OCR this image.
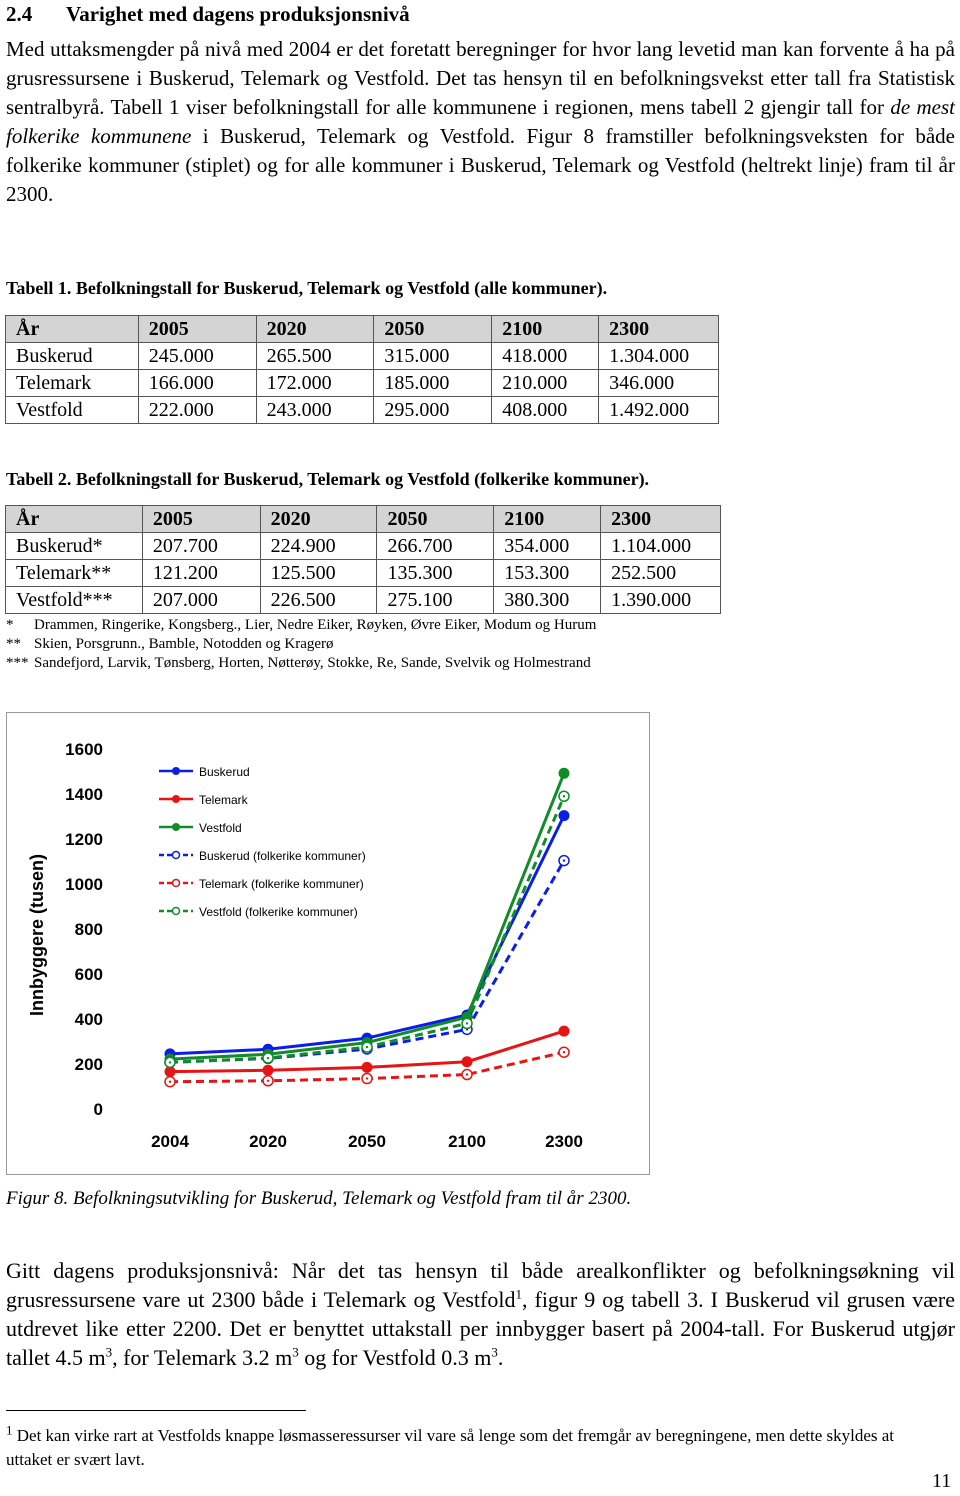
2.4 Varighet med dagens produksjonsnivå
Med uttaksmengder på nivå med 2004 er det foretatt beregninger for hvor lang levetid man kan forvente å ha på grusressursene i Buskerud, Telemark og Vestfold. Det tas hensyn til en befolkningsvekst etter tall fra Statistisk sentralbyrå. Tabell 1 viser befolkningstall for alle kommunene i regionen, mens tabell 2 gjengir tall for de mest folkerike kommunene i Buskerud, Telemark og Vestfold. Figur 8 framstiller befolkningsveksten for både folkerike kommuner (stiplet) og for alle kommuner i Buskerud, Telemark og Vestfold (heltrekt linje) fram til år 2300.
Tabell 1. Befolkningstall for Buskerud, Telemark og Vestfold (alle kommuner).
År	2005	2020	2050	2100	2300
Buskerud	245.000	265.500	315.000	418.000	1.304.000
Telemark	166.000	172.000	185.000	210.000	346.000
Vestfold	222.000	243.000	295.000	408.000	1.492.000
Tabell 2. Befolkningstall for Buskerud, Telemark og Vestfold (folkerike kommuner).
År	2005	2020	2050	2100	2300
Buskerud*	207.700	224.900	266.700	354.000	1.104.000
Telemark**	121.200	125.500	135.300	153.300	252.500
Vestfold***	207.000	226.500	275.100	380.300	1.390.000
* Drammen, Ringerike, Kongsberg., Lier, Nedre Eiker, Røyken, Øvre Eiker, Modum og Hurum
** Skien, Porsgrunn., Bamble, Notodden og Kragerø
*** Sandefjord, Larvik, Tønsberg, Horten, Nøtterøy, Stokke, Re, Sande, Svelvik og Holmestrand
0
200
400
600
800
1000
1200
1400
1600
2004	2020	2050	2100	2300
Innbyggere (tusen)
Buskerud
Telemark
Vestfold
Buskerud (folkerike kommuner)
Telemark (folkerike kommuner)
Vestfold (folkerike kommuner)
Figur 8. Befolkningsutvikling for Buskerud, Telemark og Vestfold fram til år 2300.
Gitt dagens produksjonsnivå: Når det tas hensyn til både arealkonflikter og befolkningsøkning vil grusressursene vare ut 2300 både i Telemark og Vestfold$^1$, figur 9 og tabell 3. I Buskerud vil grusen være utdrevet like etter 2200. Det er benyttet uttakstall per innbygger basert på 2004-tall. For Buskerud utgjør tallet 4.5 $m^3$, for Telemark 3.2 $m^3$ og for Vestfold 0.3 $m^3$.
$^1$ Det kan virke rart at Vestfolds knappe løsmasseressurser vil vare så lenge som det fremgår av beregningene, men dette skyldes at uttaket er svært lavt.
11
